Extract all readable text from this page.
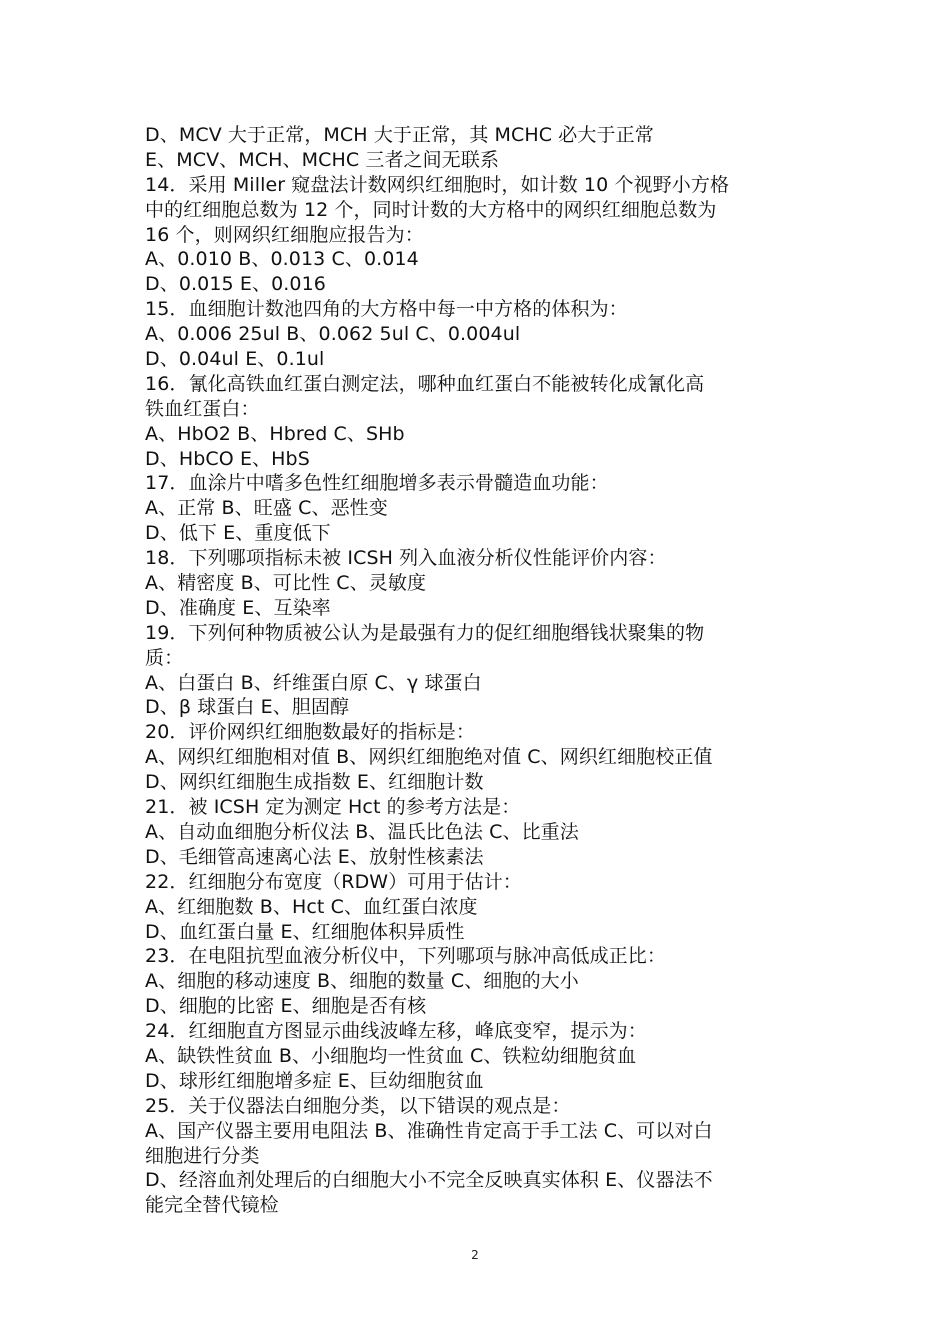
D、MCV 大于正常，MCH 大于正常，其 MCHC 必大于正常
E、MCV、MCH、MCHC 三者之间无联系
14．采用 Miller 窥盘法计数网织红细胞时，如计数 10 个视野小方格
中的红细胞总数为 12 个，同时计数的大方格中的网织红细胞总数为
16 个，则网织红细胞应报告为：
A、0.010 B、0.013 C、0.014
D、0.015 E、0.016
15．血细胞计数池四角的大方格中每一中方格的体积为：
A、0.006 25ul B、0.062 5ul C、0.004ul
D、0.04ul E、0.1ul
16．氰化高铁血红蛋白测定法，哪种血红蛋白不能被转化成氰化高
铁血红蛋白：
A、HbO2 B、Hbred C、SHb
D、HbCO E、HbS
17．血涂片中嗜多色性红细胞增多表示骨髓造血功能：
A、正常 B、旺盛 C、恶性变
D、低下 E、重度低下
18．下列哪项指标未被 ICSH 列入血液分析仪性能评价内容：
A、精密度 B、可比性 C、灵敏度
D、准确度 E、互染率
19．下列何种物质被公认为是最强有力的促红细胞缗钱状聚集的物
质：
A、白蛋白 B、纤维蛋白原 C、γ 球蛋白
D、β 球蛋白 E、胆固醇
20．评价网织红细胞数最好的指标是：
A、网织红细胞相对值 B、网织红细胞绝对值 C、网织红细胞校正值
D、网织红细胞生成指数 E、红细胞计数
21．被 ICSH 定为测定 Hct 的参考方法是：
A、自动血细胞分析仪法 B、温氏比色法 C、比重法
D、毛细管高速离心法 E、放射性核素法
22．红细胞分布宽度（RDW）可用于估计：
A、红细胞数 B、Hct C、血红蛋白浓度
D、血红蛋白量 E、红细胞体积异质性
23．在电阻抗型血液分析仪中，下列哪项与脉冲高低成正比：
A、细胞的移动速度 B、细胞的数量 C、细胞的大小
D、细胞的比密 E、细胞是否有核
24．红细胞直方图显示曲线波峰左移，峰底变窄，提示为：
A、缺铁性贫血 B、小细胞均一性贫血 C、铁粒幼细胞贫血
D、球形红细胞增多症 E、巨幼细胞贫血
25．关于仪器法白细胞分类，以下错误的观点是：
A、国产仪器主要用电阻法 B、准确性肯定高于手工法 C、可以对白
细胞进行分类
D、经溶血剂处理后的白细胞大小不完全反映真实体积 E、仪器法不
能完全替代镜检
2
